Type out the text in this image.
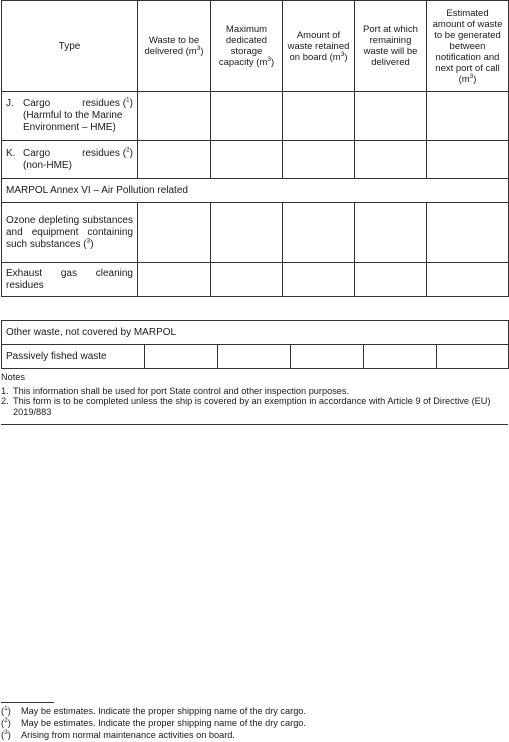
Type	Waste to be delivered $(m^3)$	Maximum dedicated storage capacity $(m^3)$	Amount of waste retained on board $(m^3)$	Port at which remaining waste will be delivered	Estimated amount of waste to be generated between notification and next port of call $(m^3)$

J. Cargo residues ($^1$)
(Harmful to the Marine Environment – HME)					

K. Cargo residues ($^2$)
(non-HME)					

MARPOL Annex VI – Air Pollution related					
Ozone depleting substances and equipment containing such substances ($^3$)					
Exhaust gas cleaning residues					
Other waste, not covered by MARPOL
Passively fished waste					
Notes
1. This information shall be used for port State control and other inspection purposes.
2. This form is to be completed unless the ship is covered by an exemption in accordance with Article 9 of Directive (EU) 2019/883
($^1$)	May be estimates. Indicate the proper shipping name of the dry cargo.
($^2$)	May be estimates. Indicate the proper shipping name of the dry cargo.
($^3$)	Arising from normal maintenance activities on board.
